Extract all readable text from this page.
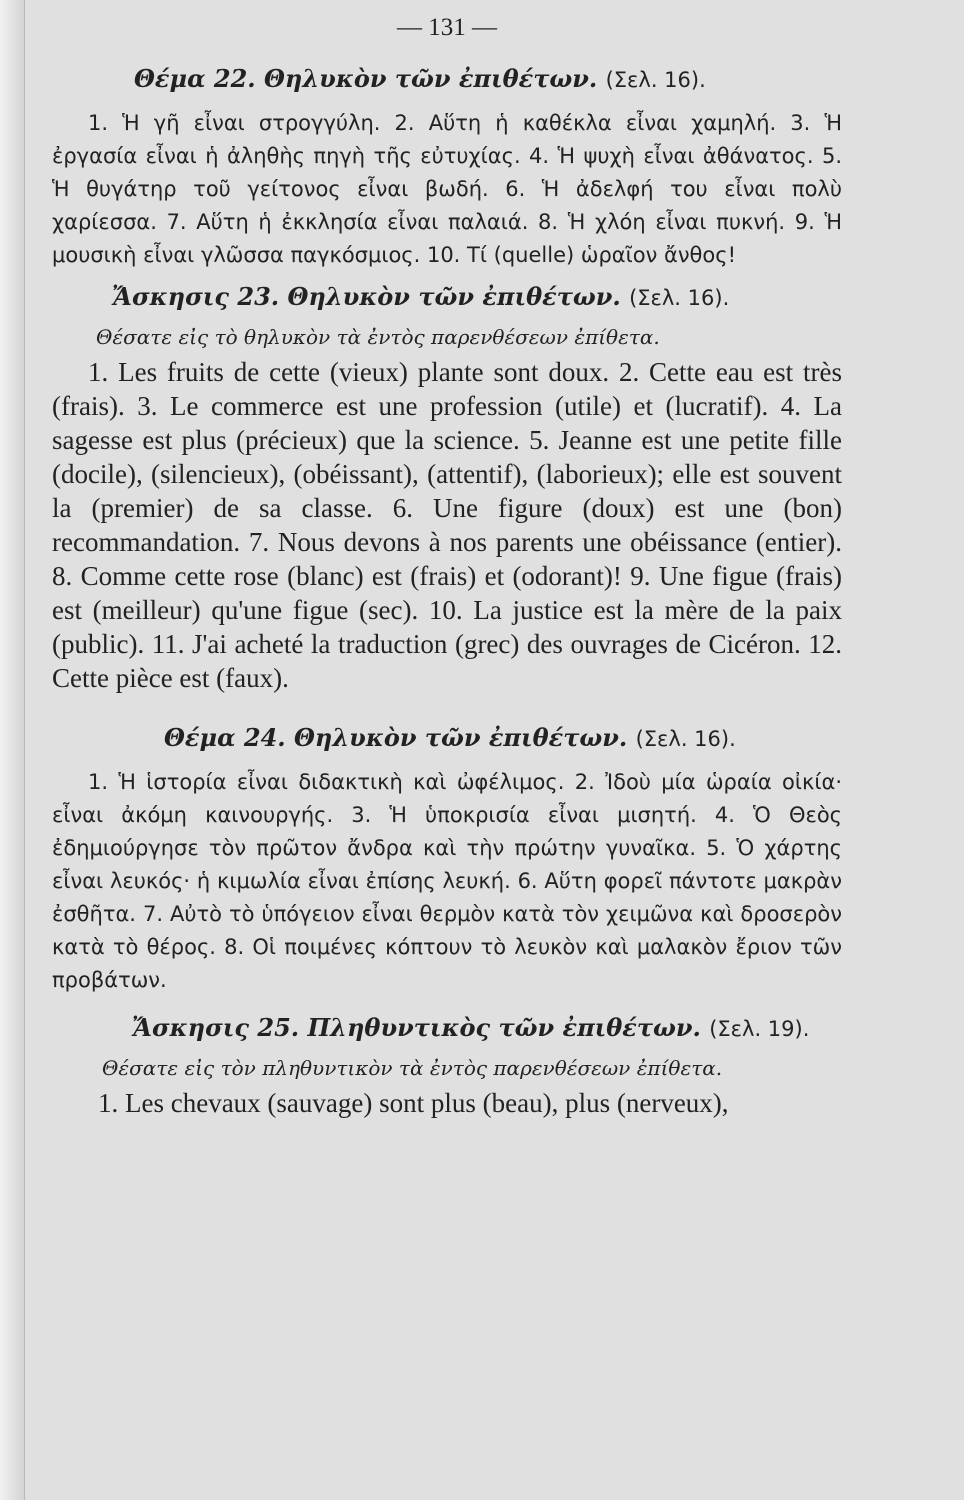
— 131 —
Θέμα 22. Θηλυκὸν τῶν ἐπιθέτων. (Σελ. 16).

1. Ἡ γῆ εἶναι στρογγύλη. 2. Αὕτη ἡ καθέκλα εἶναι χαμηλή. 3. Ἡ ἐργασία εἶναι ἡ ἀληθὴς πηγὴ τῆς εὐτυχίας. 4. Ἡ ψυχὴ εἶναι ἀθάνατος. 5. Ἡ θυγάτηρ τοῦ γείτονος εἶναι βωδή. 6. Ἡ ἀδελφή του εἶναι πολὺ χαρίεσσα. 7. Αὕτη ἡ ἐκκλησία εἶναι παλαιά. 8. Ἡ χλόη εἶναι πυκνή. 9. Ἡ μουσικὴ εἶναι γλῶσσα παγκόσμιος. 10. Τί (quelle) ὡραῖον ἄνθος!

Ἄσκησις 23. Θηλυκὸν τῶν ἐπιθέτων. (Σελ. 16).
Θέσατε εἰς τὸ θηλυκὸν τὰ ἐντὸς παρενθέσεων ἐπίθετα.

1. Les fruits de cette (vieux) plante sont doux. 2. Cette eau est très (frais). 3. Le commerce est une profession (utile) et (lucratif). 4. La sagesse est plus (précieux) que la science. 5. Jeanne est une petite fille (docile), (silencieux), (obéissant), (attentif), (laborieux); elle est souvent la (premier) de sa classe. 6. Une figure (doux) est une (bon) recommandation. 7. Nous devons à nos parents une obéissance (entier). 8. Comme cette rose (blanc) est (frais) et (odorant)! 9. Une figue (frais) est (meilleur) qu'une figue (sec). 10. La justice est la mère de la paix (public). 11. J'ai acheté la traduction (grec) des ouvrages de Cicéron. 12. Cette pièce est (faux).

Θέμα 24. Θηλυκὸν τῶν ἐπιθέτων. (Σελ. 16).

1. Ἡ ἱστορία εἶναι διδακτικὴ καὶ ὠφέλιμος. 2. Ἰδοὺ μία ὡραία οἰκία· εἶναι ἀκόμη καινουργής. 3. Ἡ ὑποκρισία εἶναι μισητή. 4. Ὁ Θεὸς ἐδημιούργησε τὸν πρῶτον ἄνδρα καὶ τὴν πρώτην γυναῖκα. 5. Ὁ χάρτης εἶναι λευκός· ἡ κιμωλία εἶναι ἐπίσης λευκή. 6. Αὕτη φορεῖ πάντοτε μακρὰν ἐσθῆτα. 7. Αὐτὸ τὸ ὑπόγειον εἶναι θερμὸν κατὰ τὸν χειμῶνα καὶ δροσερὸν κατὰ τὸ θέρος. 8. Οἱ ποιμένες κόπτουν τὸ λευκὸν καὶ μαλακὸν ἔριον τῶν προβάτων.

Ἄσκησις 25. Πληθυντικὸς τῶν ἐπιθέτων. (Σελ. 19).
Θέσατε εἰς τὸν πληθυντικὸν τὰ ἐντὸς παρενθέσεων ἐπίθετα.

1. Les chevaux (sauvage) sont plus (beau), plus (nerveux),
